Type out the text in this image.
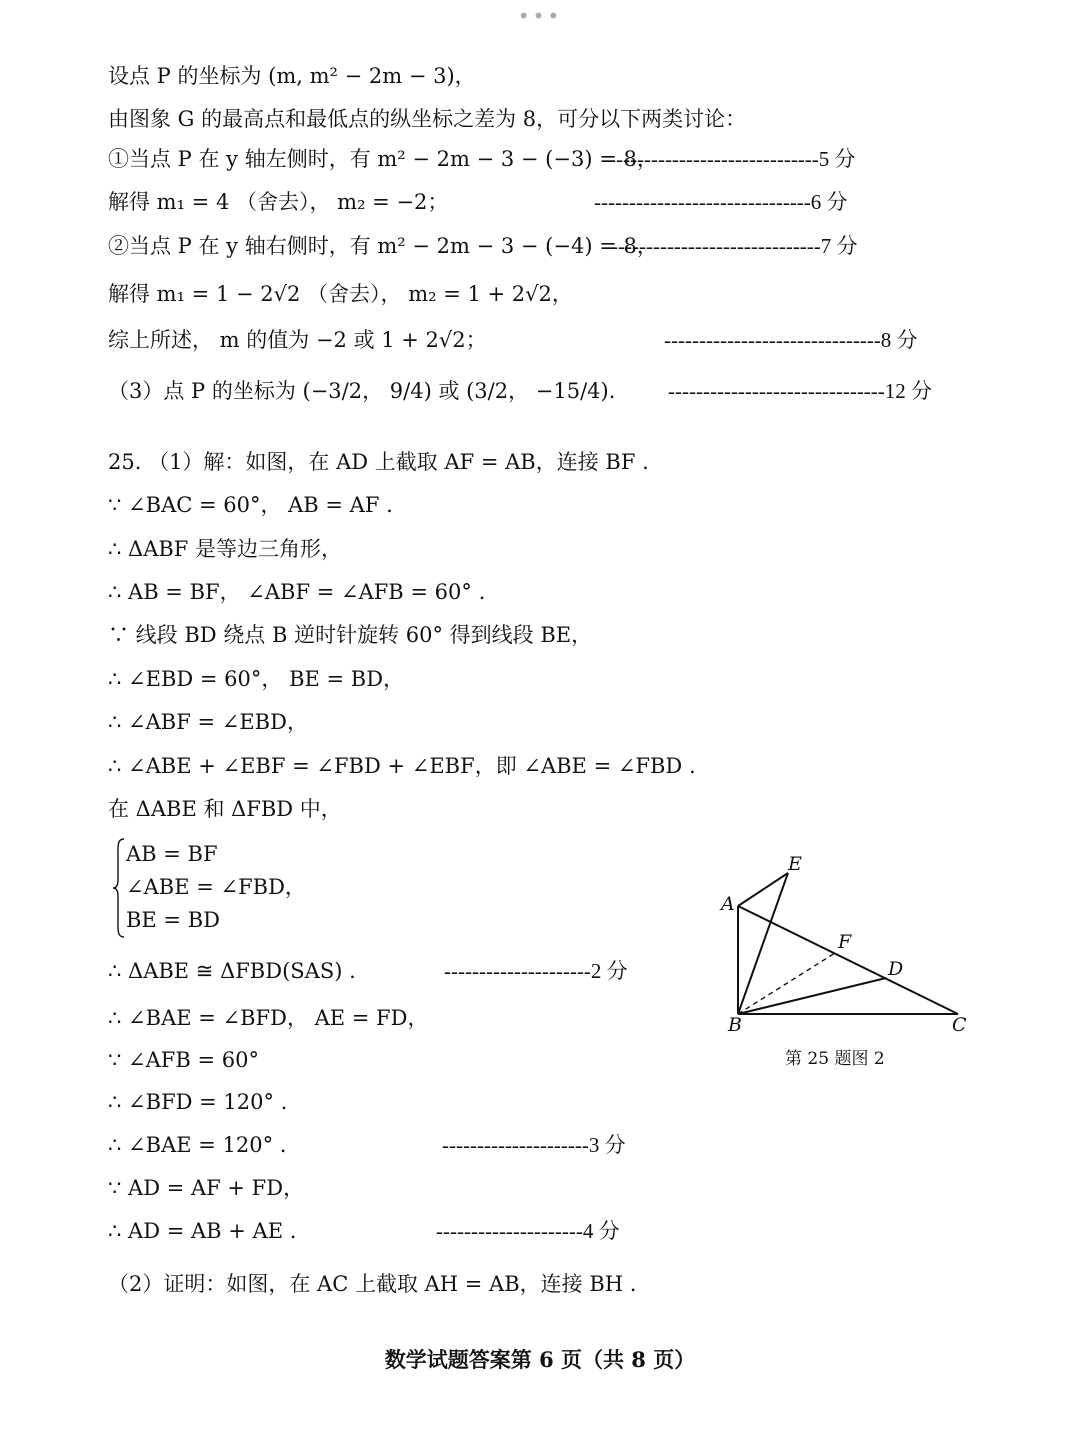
•••
设点 P 的坐标为 (m, m² − 2m − 3)，
由图象 G 的最高点和最低点的纵坐标之差为 8，可分以下两类讨论：
①当点 P 在 y 轴左侧时，有 m² − 2m − 3 − (−3) = 8，
解得 m₁ = 4 （舍去）， m₂ = −2；
②当点 P 在 y 轴右侧时，有 m² − 2m − 3 − (−4) = 8，
解得 m₁ = 1 − 2√2 （舍去）， m₂ = 1 + 2√2，
综上所述， m 的值为 −2 或 1 + 2√2；
（3）点 P 的坐标为 (−3/2， 9/4) 或 (3/2， −15/4).
25. （1）解：如图，在 AD 上截取 AF = AB，连接 BF .
∵ ∠BAC = 60°， AB = AF .
∴ ΔABF 是等边三角形，
∴ AB = BF， ∠ABF = ∠AFB = 60° .
∵ 线段 BD 绕点 B 逆时针旋转 60° 得到线段 BE，
∴ ∠EBD = 60°， BE = BD，
∴ ∠ABF = ∠EBD，
∴ ∠ABE + ∠EBF = ∠FBD + ∠EBF，即 ∠ABE = ∠FBD .
在 ΔABE 和 ΔFBD 中，
AB = BF
∠ABE = ∠FBD，
BE = BD
∴ ΔABE ≅ ΔFBD(SAS) .
∴ ∠BAE = ∠BFD， AE = FD，
∵ ∠AFB = 60°
∴ ∠BFD = 120° .
∴ ∠BAE = 120° .
∵ AD = AF + FD，
∴ AD = AB + AE .
（2）证明：如图，在 AC 上截取 AH = AB，连接 BH .
-------------------------------5 分
-------------------------------6 分
-------------------------------7 分
-------------------------------8 分
-------------------------------12 分
---------------------2 分
---------------------3 分
---------------------4 分
A
B	C
D
E
F
第 25 题图 2
数学试题答案第 6 页（共 8 页）
